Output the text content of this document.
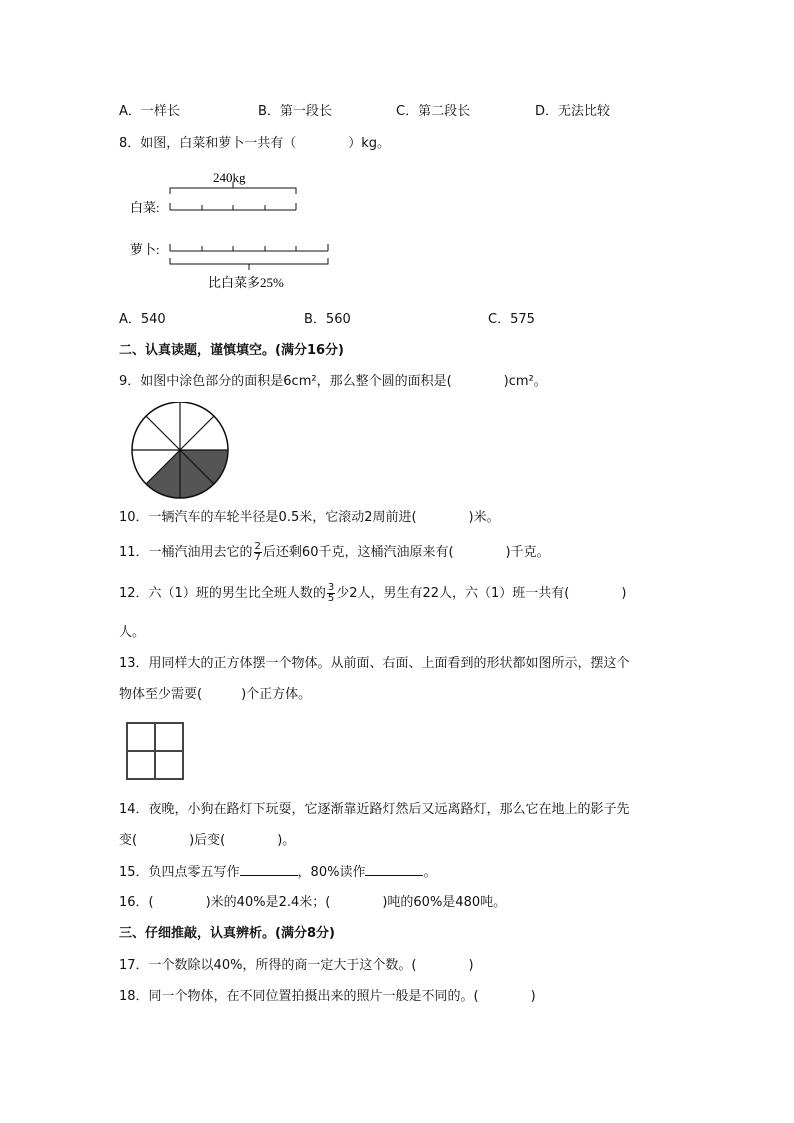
A．一样长	B．第一段长	C．第二段长	D．无法比较
8．如图，白菜和萝卜一共有（　　　　）kg。
240kg
白菜:
萝卜:
比白菜多25%
A．540	B．560	C．575
二、认真读题，谨慎填空。(满分16分)
9．如图中涂色部分的面积是6cm²，那么整个圆的面积是(　　　　)cm²。
10．一辆汽车的车轮半径是0.5米，它滚动2周前进(　　　　)米。
11．一桶汽油用去它的 $\frac{2}{7}$ 后还剩60千克，这桶汽油原来有(　　　　)千克。
12．六（1）班的男生比全班人数的 $\frac{3}{5}$ 少2人，男生有22人，六（1）班一共有(　　　　)
人。
13．用同样大的正方体摆一个物体。从前面、右面、上面看到的形状都如图所示，摆这个
物体至少需要(　　　)个正方体。
14．夜晚，小狗在路灯下玩耍，它逐渐靠近路灯然后又远离路灯，那么它在地上的影子先
变(　　　　)后变(　　　　)。
15．负四点零五写作	，80%读作	。
16．(　　　　)米的40%是2.4米；(　　　　)吨的60%是480吨。
三、仔细推敲，认真辨析。(满分8分)
17．一个数除以40%，所得的商一定大于这个数。(　　　　)
18．同一个物体，在不同位置拍摄出来的照片一般是不同的。(　　　　)
